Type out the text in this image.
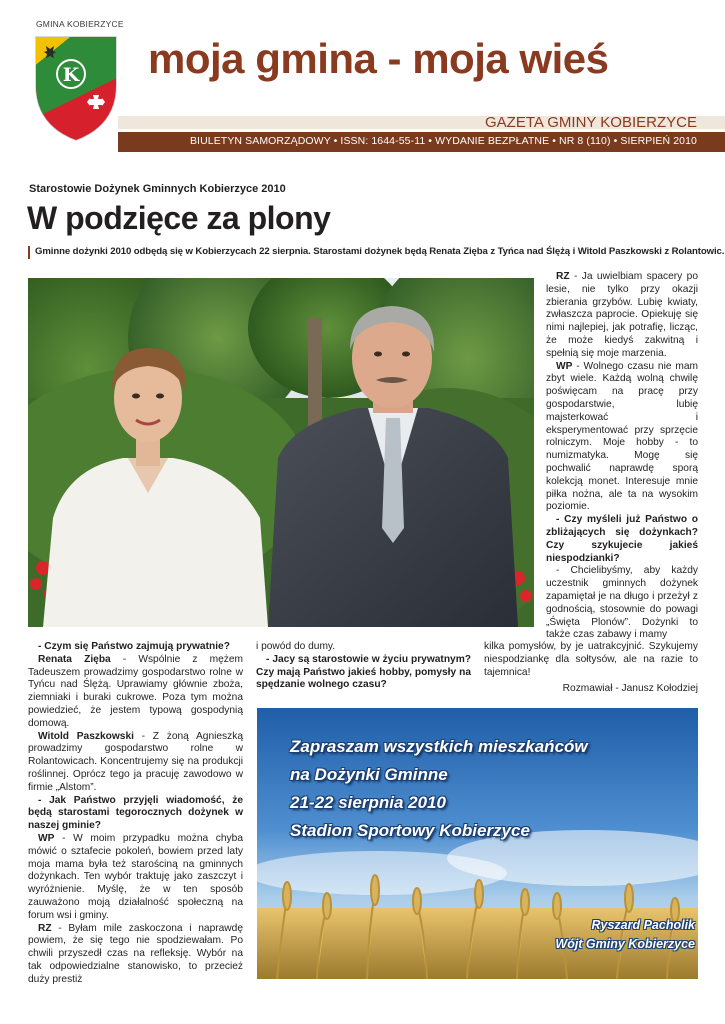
GMINA KOBIERZYCE
K moja gmina - moja wieś
GAZETA GMINY KOBIERZYCE
BIULETYN SAMORZĄDOWY • ISSN: 1644-55-11 • WYDANIE BEZPŁATNE • NR 8 (110) • SIERPIEŃ 2010
Starostowie Dożynek Gminnych Kobierzyce 2010
W podzięce za plony
Gminne dożynki 2010 odbędą się w Kobierzycach 22 sierpnia. Starostami dożynek będą Renata Zięba z Tyńca nad Ślężą i Witold Paszkowski z Rolantowic.

RZ - Ja uwielbiam spacery po lesie, nie tylko przy okazji zbierania grzybów. Lubię kwiaty, zwłaszcza paprocie. Opiekuję się nimi najlepiej, jak potrafię, licząc, że może kiedyś zakwitną i spełnią się moje marzenia.

WP - Wolnego czasu nie mam zbyt wiele. Każdą wolną chwilę poświęcam na pracę przy gospodarstwie, lubię majsterkować i eksperymentować przy sprzęcie rolniczym. Moje hobby - to numizmatyka. Mogę się pochwalić naprawdę sporą kolekcją monet. Interesuje mnie piłka nożna, ale ta na wysokim poziomie.

- Czy myśleli już Państwo o zbliżających się dożynkach? Czy szykujecie jakieś niespodzianki?

- Chcielibyśmy, aby każdy uczestnik gminnych dożynek zapamiętał je na długo i przeżył z godnością, stosownie do powagi „Święta Plonów”. Dożynki to także czas zabawy i mamy

- Czym się Państwo zajmują prywatnie?

Renata Zięba - Wspólnie z mężem Tadeuszem prowadzimy gospodarstwo rolne w Tyńcu nad Ślężą. Uprawiamy głównie zboża, ziemniaki i buraki cukrowe. Poza tym można powiedzieć, że jestem typową gospodynią domową.

Witold Paszkowski - Z żoną Agnieszką prowadzimy gospodarstwo rolne w Rolantowicach. Koncentrujemy się na produkcji roślinnej. Oprócz tego ja pracuję zawodowo w firmie „Alstom”.

- Jak Państwo przyjęli wiadomość, że będą starostami tegorocznych dożynek w naszej gminie?

WP - W moim przypadku można chyba mówić o sztafecie pokoleń, bowiem przed laty moja mama była też starościną na gminnych dożynkach. Ten wybór traktuję jako zaszczyt i wyróżnienie. Myślę, że w ten sposób zauważono moją działalność społeczną na forum wsi i gminy.

RZ - Byłam mile zaskoczona i naprawdę powiem, że się tego nie spodziewałam. Po chwili przyszedł czas na refleksję. Wybór na tak odpowiedzialne stanowisko, to przecież duży prestiż

i powód do dumy.

- Jacy są starostowie w życiu prywatnym? Czy mają Państwo jakieś hobby, pomysły na spędzanie wolnego czasu?

kilka pomysłów, by je uatrakcyjnić. Szykujemy niespodziankę dla sołtysów, ale na razie to tajemnica!

Rozmawiał - Janusz Kołodziej

Zapraszam wszystkich mieszkańców
na Dożynki Gminne
21-22 sierpnia 2010
Stadion Sportowy Kobierzyce
Ryszard Pacholik
Wójt Gminy Kobierzyce
